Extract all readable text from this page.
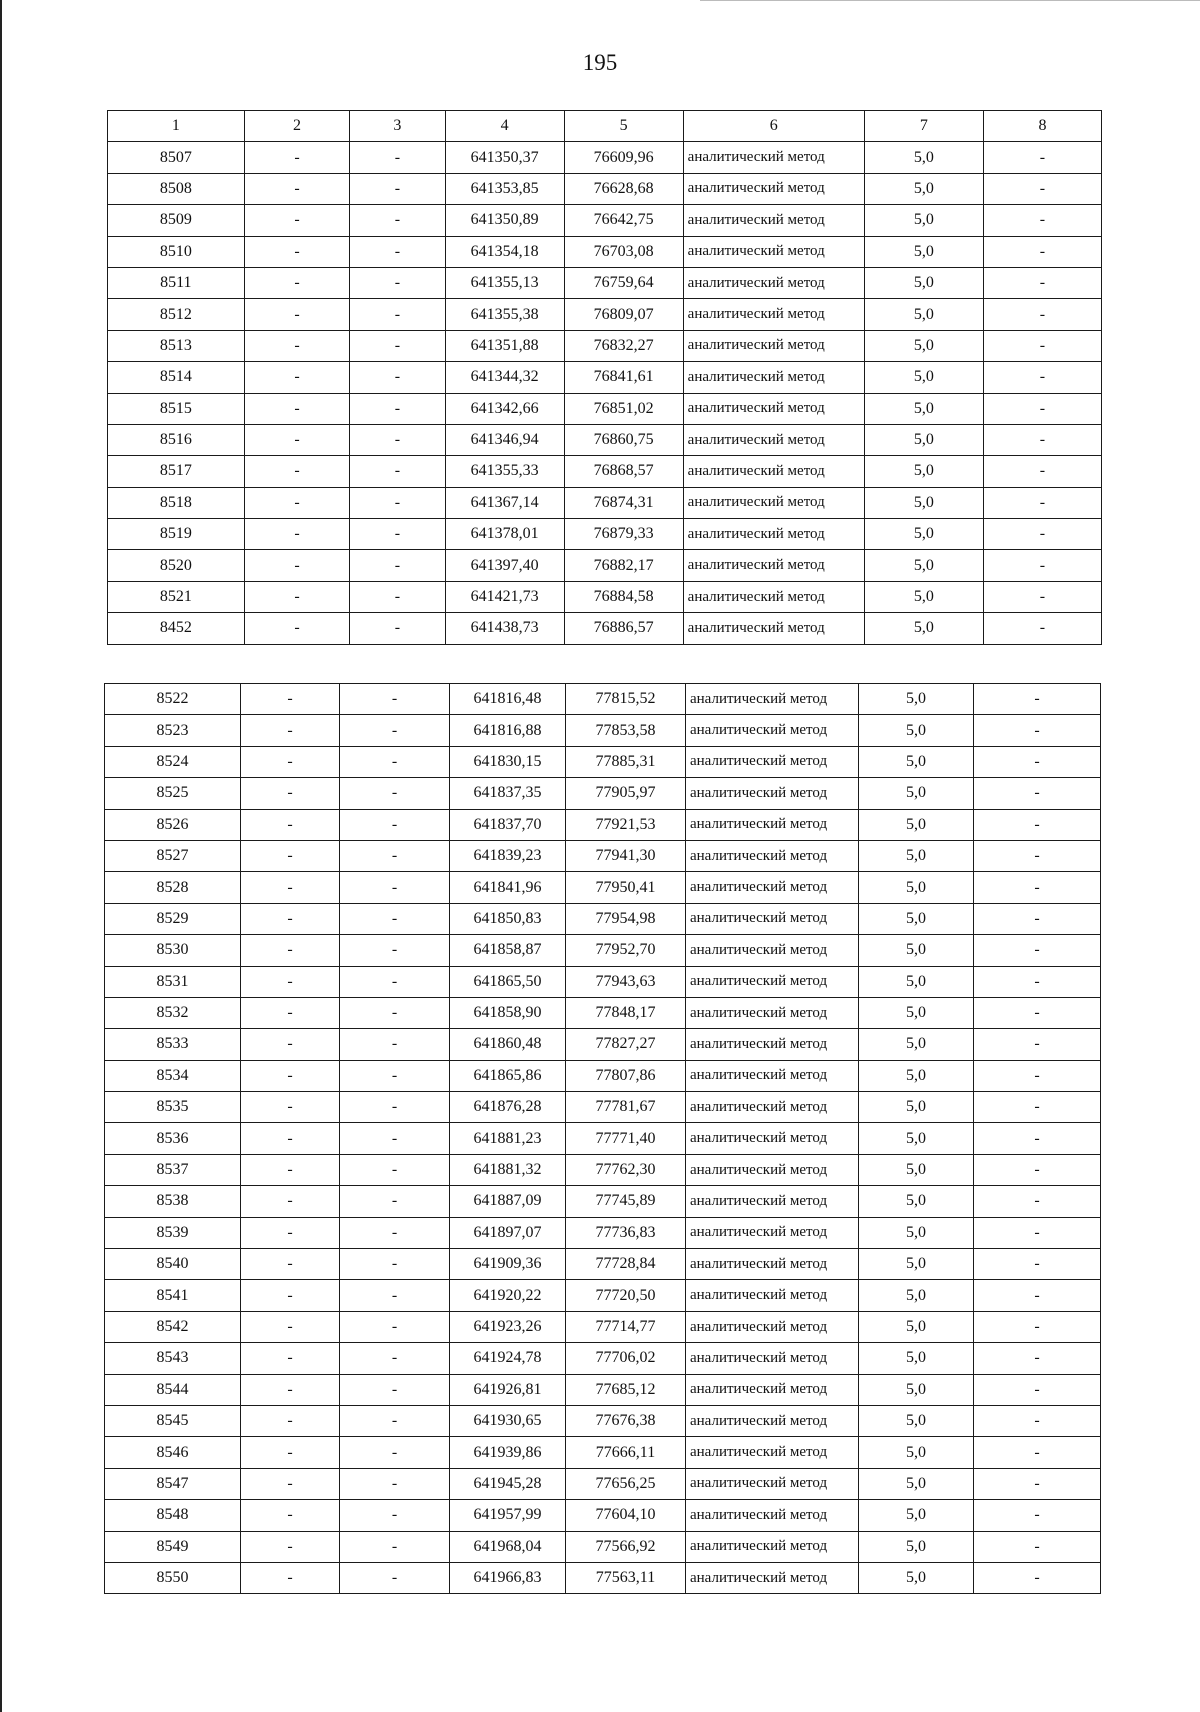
195
1	2	3	4	5	6	7	8
8507	-	-	641350,37	76609,96	аналитический метод	5,0	-
8508	-	-	641353,85	76628,68	аналитический метод	5,0	-
8509	-	-	641350,89	76642,75	аналитический метод	5,0	-
8510	-	-	641354,18	76703,08	аналитический метод	5,0	-
8511	-	-	641355,13	76759,64	аналитический метод	5,0	-
8512	-	-	641355,38	76809,07	аналитический метод	5,0	-
8513	-	-	641351,88	76832,27	аналитический метод	5,0	-
8514	-	-	641344,32	76841,61	аналитический метод	5,0	-
8515	-	-	641342,66	76851,02	аналитический метод	5,0	-
8516	-	-	641346,94	76860,75	аналитический метод	5,0	-
8517	-	-	641355,33	76868,57	аналитический метод	5,0	-
8518	-	-	641367,14	76874,31	аналитический метод	5,0	-
8519	-	-	641378,01	76879,33	аналитический метод	5,0	-
8520	-	-	641397,40	76882,17	аналитический метод	5,0	-
8521	-	-	641421,73	76884,58	аналитический метод	5,0	-
8452	-	-	641438,73	76886,57	аналитический метод	5,0	-
8522	-	-	641816,48	77815,52	аналитический метод	5,0	-
8523	-	-	641816,88	77853,58	аналитический метод	5,0	-
8524	-	-	641830,15	77885,31	аналитический метод	5,0	-
8525	-	-	641837,35	77905,97	аналитический метод	5,0	-
8526	-	-	641837,70	77921,53	аналитический метод	5,0	-
8527	-	-	641839,23	77941,30	аналитический метод	5,0	-
8528	-	-	641841,96	77950,41	аналитический метод	5,0	-
8529	-	-	641850,83	77954,98	аналитический метод	5,0	-
8530	-	-	641858,87	77952,70	аналитический метод	5,0	-
8531	-	-	641865,50	77943,63	аналитический метод	5,0	-
8532	-	-	641858,90	77848,17	аналитический метод	5,0	-
8533	-	-	641860,48	77827,27	аналитический метод	5,0	-
8534	-	-	641865,86	77807,86	аналитический метод	5,0	-
8535	-	-	641876,28	77781,67	аналитический метод	5,0	-
8536	-	-	641881,23	77771,40	аналитический метод	5,0	-
8537	-	-	641881,32	77762,30	аналитический метод	5,0	-
8538	-	-	641887,09	77745,89	аналитический метод	5,0	-
8539	-	-	641897,07	77736,83	аналитический метод	5,0	-
8540	-	-	641909,36	77728,84	аналитический метод	5,0	-
8541	-	-	641920,22	77720,50	аналитический метод	5,0	-
8542	-	-	641923,26	77714,77	аналитический метод	5,0	-
8543	-	-	641924,78	77706,02	аналитический метод	5,0	-
8544	-	-	641926,81	77685,12	аналитический метод	5,0	-
8545	-	-	641930,65	77676,38	аналитический метод	5,0	-
8546	-	-	641939,86	77666,11	аналитический метод	5,0	-
8547	-	-	641945,28	77656,25	аналитический метод	5,0	-
8548	-	-	641957,99	77604,10	аналитический метод	5,0	-
8549	-	-	641968,04	77566,92	аналитический метод	5,0	-
8550	-	-	641966,83	77563,11	аналитический метод	5,0	-
